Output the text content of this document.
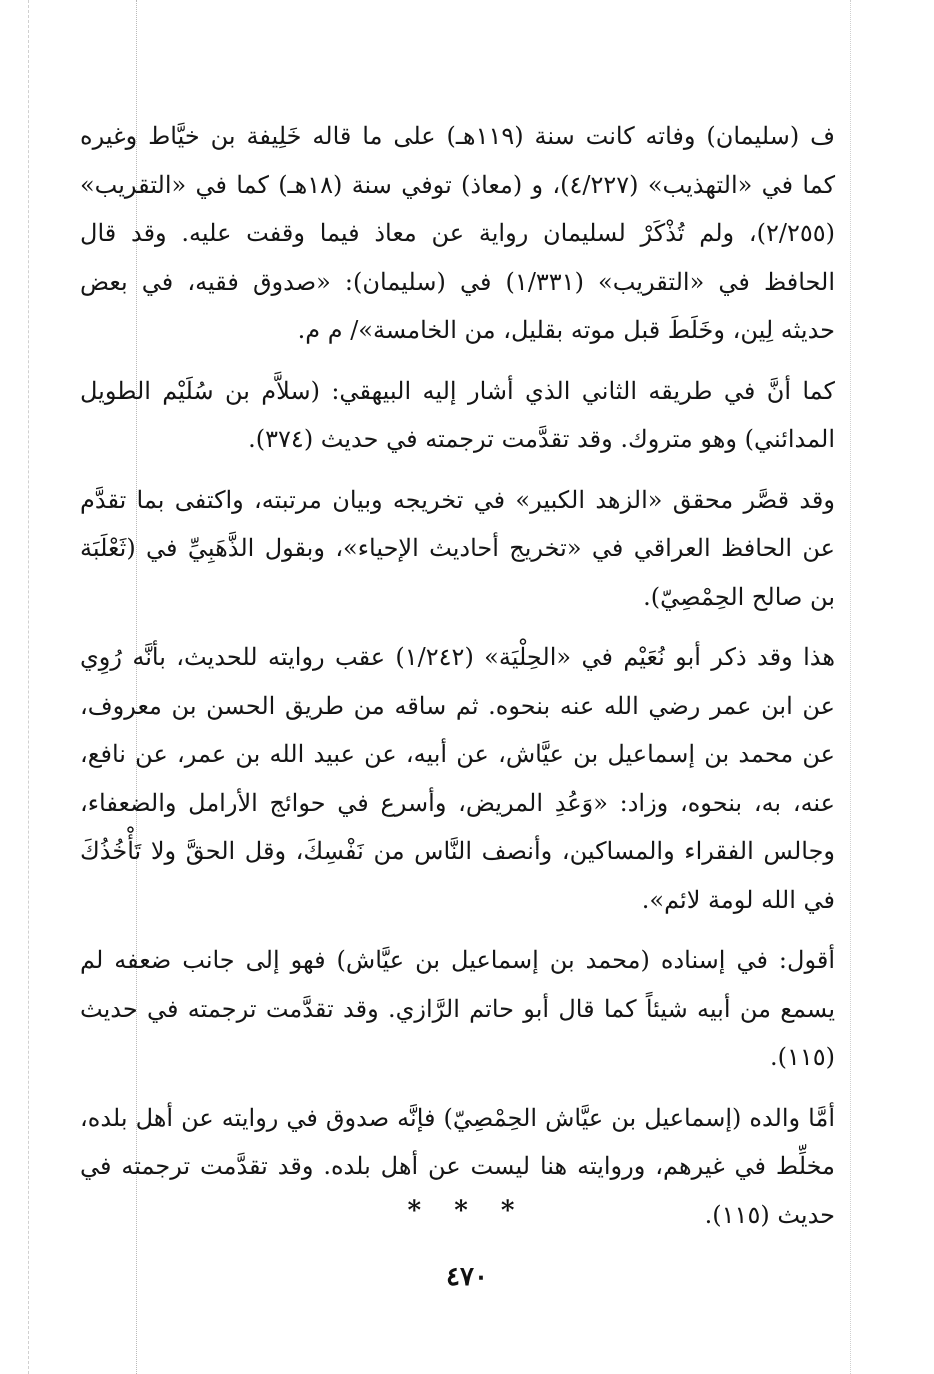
ف (سليمان) وفاته كانت سنة (١١٩هـ) على ما قاله خَلِيفة بن خيَّاط وغيره كما في «التهذيب» (٤/٢٢٧)، و (معاذ) توفي سنة (١٨هـ) كما في «التقريب» (٢/٢٥٥)، ولم تُذْكَرْ لسليمان رواية عن معاذ فيما وقفت عليه. وقد قال الحافظ في «التقريب» (١/٣٣١) في (سليمان): «صدوق فقيه، في بعض حديثه لِين، وخَلَطَ قبل موته بقليل، من الخامسة»/ م م.

كما أنَّ في طريقه الثاني الذي أشار إليه البيهقي: (سلاَّم بن سُلَيْم الطويل المدائني) وهو متروك. وقد تقدَّمت ترجمته في حديث (٣٧٤).

وقد قصَّر محقق «الزهد الكبير» في تخريجه وبيان مرتبته، واكتفى بما تقدَّم عن الحافظ العراقي في «تخريج أحاديث الإحياء»، وبقول الذَّهَبِيِّ في (ثَعْلَبَة بن صالح الحِمْصِيّ).

هذا وقد ذكر أبو نُعَيْم في «الحِلْيَة» (١/٢٤٢) عقب روايته للحديث، بأنَّه رُوِي عن ابن عمر رضي الله عنه بنحوه. ثم ساقه من طريق الحسن بن معروف، عن محمد بن إسماعيل بن عيَّاش، عن أبيه، عن عبيد الله بن عمر، عن نافع، عنه، به، بنحوه، وزاد: «وَعُدِ المريض، وأسرع في حوائج الأرامل والضعفاء، وجالس الفقراء والمساكين، وأنصف النَّاس من نَفْسِكَ، وقل الحقَّ ولا تَأْخُذُكَ في الله لومة لائم».

أقول: في إسناده (محمد بن إسماعيل بن عيَّاش) فهو إلى جانب ضعفه لم يسمع من أبيه شيئاً كما قال أبو حاتم الرَّازي. وقد تقدَّمت ترجمته في حديث (١١٥).

أمَّا والده (إسماعيل بن عيَّاش الحِمْصِيّ) فإنَّه صدوق في روايته عن أهل بلده، مخلِّط في غيرهم، وروايته هنا ليست عن أهل بلده. وقد تقدَّمت ترجمته في حديث (١١٥).

* * *
٤٧٠
